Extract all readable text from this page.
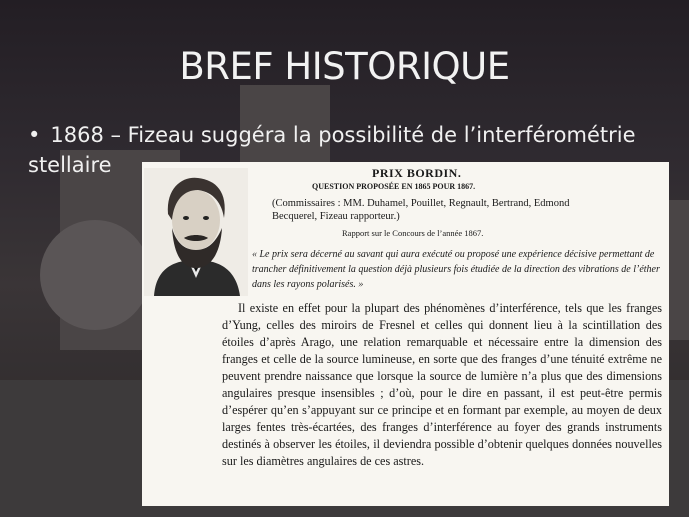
BREF HISTORIQUE
• 1868 – Fizeau suggéra la possibilité de l’interférométrie stellaire	PRIX BORDIN.
QUESTION PROPOSÉE EN 1865 POUR 1867.
(Commissaires : MM. Duhamel, Pouillet, Regnault, Bertrand, Edmond Becquerel, Fizeau rapporteur.)
Rapport sur le Concours de l’année 1867.
« Le prix sera décerné au savant qui aura exécuté ou proposé une expérience décisive permettant de trancher définitivement la question déjà plusieurs fois étudiée de la direction des vibrations de l’éther dans les rayons polarisés. »

Il existe en effet pour la plupart des phénomènes d’interférence, tels que les franges d’Yung, celles des miroirs de Fresnel et celles qui donnent lieu à la scintillation des étoiles d’après Arago, une relation remarquable et nécessaire entre la dimension des franges et celle de la source lumineuse, en sorte que des franges d’une ténuité extrême ne peuvent prendre naissance que lorsque la source de lumière n’a plus que des dimensions angulaires presque insensibles ; d’où, pour le dire en passant, il est peut-être permis d’espérer qu’en s’appuyant sur ce principe et en formant par exemple, au moyen de deux larges fentes très-écartées, des franges d’interférence au foyer des grands instruments destinés à observer les étoiles, il deviendra possible d’obtenir quelques données nouvelles sur les diamètres angulaires de ces astres.
